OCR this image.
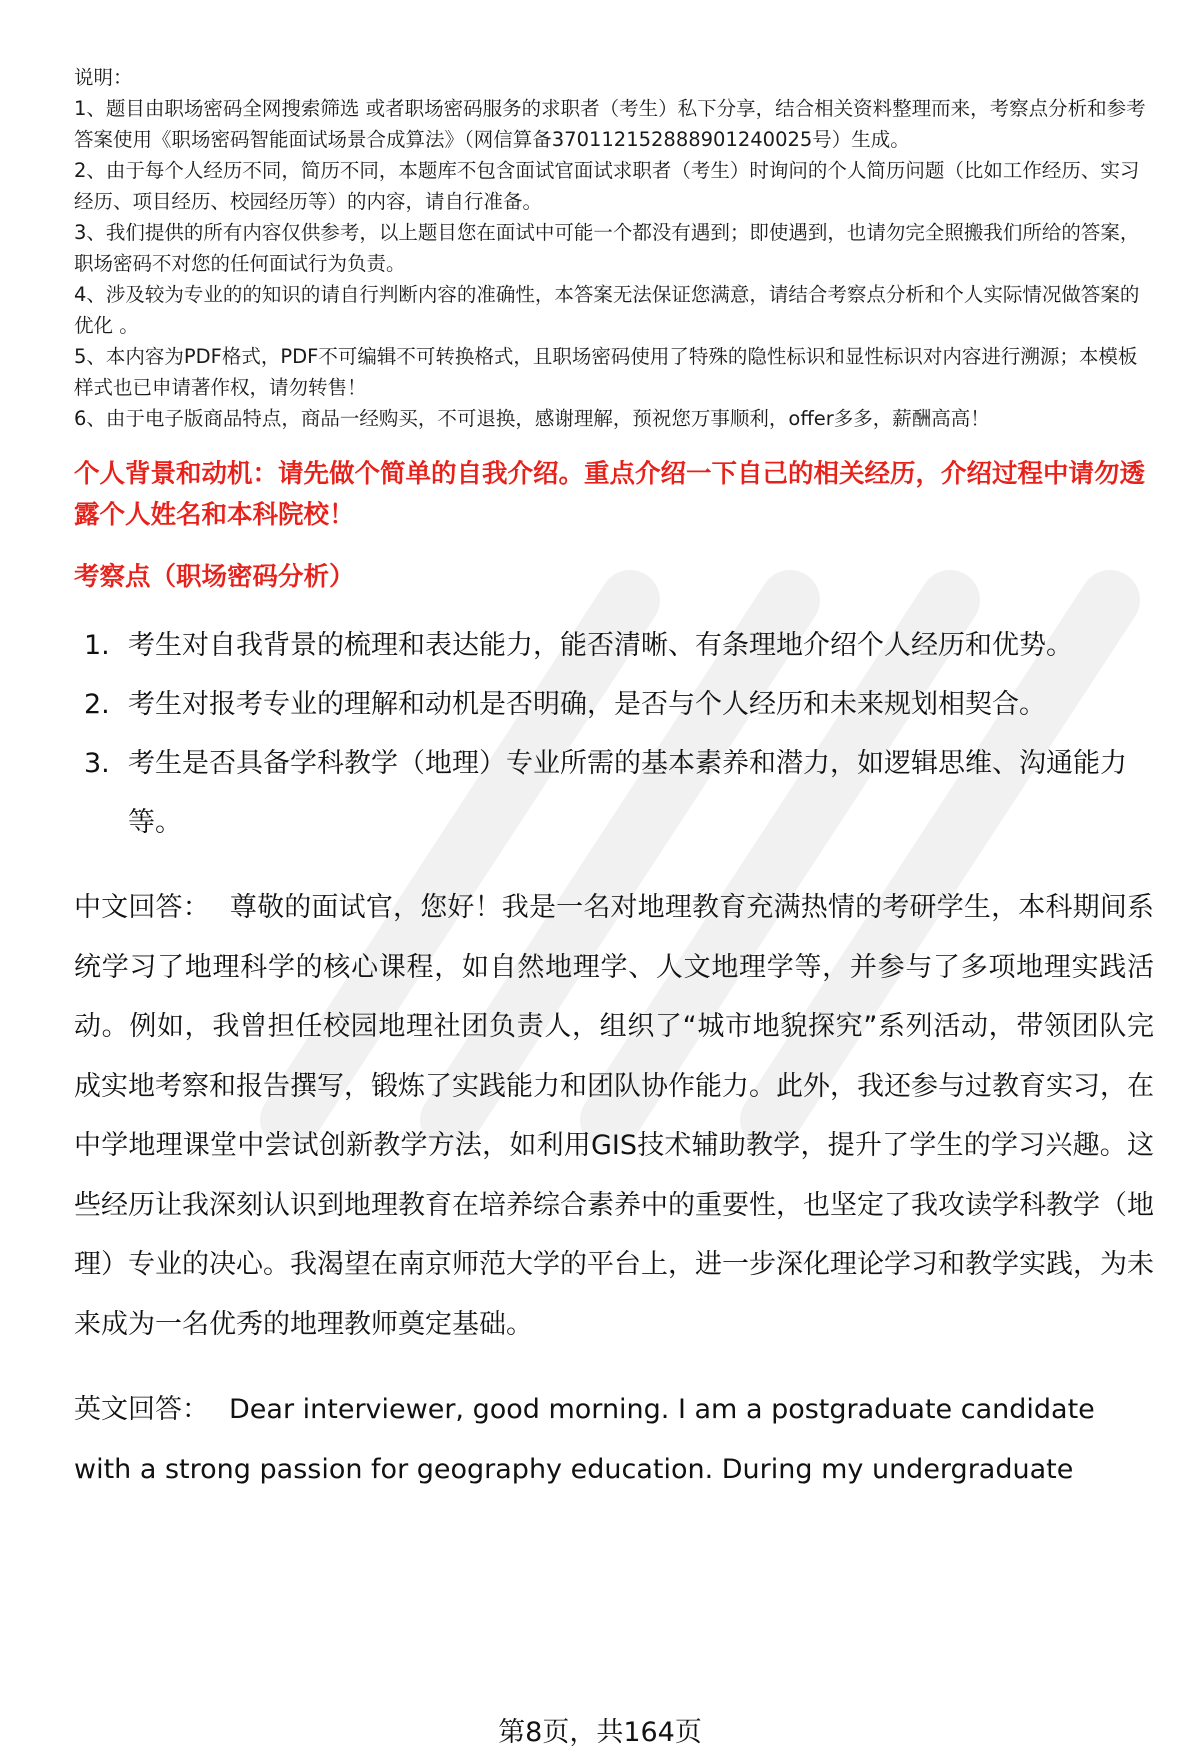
说明：

1、题目由职场密码全网搜索筛选 或者职场密码服务的求职者（考生）私下分享，结合相关资料整理而来，考察点分析和参考答案使用《职场密码智能面试场景合成算法》（网信算备370112152888901240025号）生成。

2、由于每个人经历不同，简历不同，本题库不包含面试官面试求职者（考生）时询问的个人简历问题（比如工作经历、实习经历、项目经历、校园经历等）的内容，请自行准备。

3、我们提供的所有内容仅供参考，以上题目您在面试中可能一个都没有遇到；即使遇到，也请勿完全照搬我们所给的答案，职场密码不对您的任何面试行为负责。

4、涉及较为专业的的知识的请自行判断内容的准确性，本答案无法保证您满意，请结合考察点分析和个人实际情况做答案的优化 。

5、本内容为PDF格式，PDF不可编辑不可转换格式，且职场密码使用了特殊的隐性标识和显性标识对内容进行溯源；本模板样式也已申请著作权，请勿转售！

6、由于电子版商品特点，商品一经购买，不可退换，感谢理解，预祝您万事顺利，offer多多，薪酬高高！

个人背景和动机：请先做个简单的自我介绍。重点介绍一下自己的相关经历，介绍过程中请勿透露个人姓名和本科院校！
考察点（职场密码分析）
1. 考生对自我背景的梳理和表达能力，能否清晰、有条理地介绍个人经历和优势。
2. 考生对报考专业的理解和动机是否明确，是否与个人经历和未来规划相契合。
3. 考生是否具备学科教学（地理）专业所需的基本素养和潜力，如逻辑思维、沟通能力等。
中文回答： 尊敬的面试官，您好！我是一名对地理教育充满热情的考研学生，本科期间系统学习了地理科学的核心课程，如自然地理学、人文地理学等，并参与了多项地理实践活动。例如，我曾担任校园地理社团负责人，组织了“城市地貌探究”系列活动，带领团队完成实地考察和报告撰写，锻炼了实践能力和团队协作能力。此外，我还参与过教育实习，在中学地理课堂中尝试创新教学方法，如利用GIS技术辅助教学，提升了学生的学习兴趣。这些经历让我深刻认识到地理教育在培养综合素养中的重要性，也坚定了我攻读学科教学（地理）专业的决心。我渴望在南京师范大学的平台上，进一步深化理论学习和教学实践，为未来成为一名优秀的地理教师奠定基础。
英文回答： Dear interviewer, good morning. I am a postgraduate candidate with a strong passion for geography education. During my undergraduate
第8页，共164页
